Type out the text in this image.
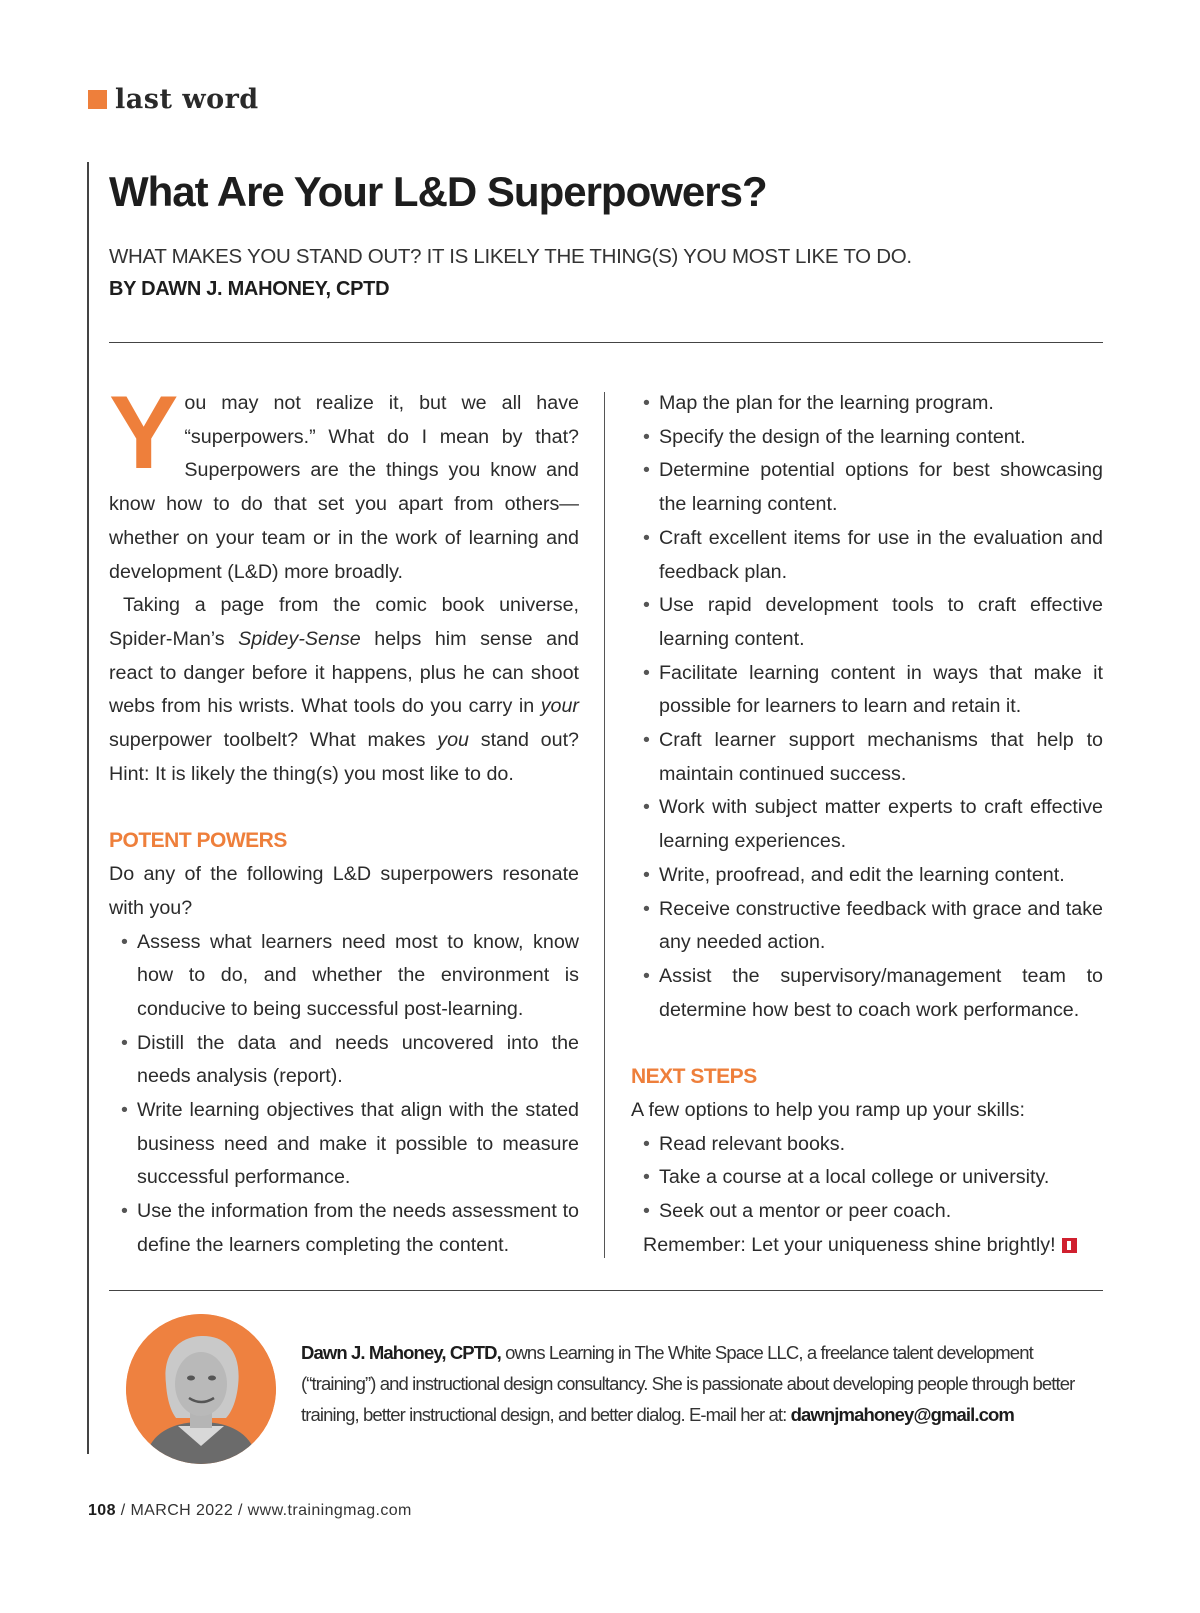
last word
What Are Your L&D Superpowers?
WHAT MAKES YOU STAND OUT? IT IS LIKELY THE THING(S) YOU MOST LIKE TO DO.
BY DAWN J. MAHONEY, CPTD

You may not realize it, but we all have “superpowers.” What do I mean by that? Superpowers are the things you know and know how to do that set you apart from others—whether on your team or in the work of learning and development (L&D) more broadly.

Taking a page from the comic book universe, Spider-Man’s Spidey-Sense helps him sense and react to danger before it happens, plus he can shoot webs from his wrists. What tools do you carry in your superpower toolbelt? What makes you stand out? Hint: It is likely the thing(s) you most like to do.

POTENT POWERS

Do any of the following L&D superpowers resonate with you?

• Assess what learners need most to know, know how to do, and whether the environment is conducive to being successful post-learning.
• Distill the data and needs uncovered into the needs analysis (report).
• Write learning objectives that align with the stated business need and make it possible to measure successful performance.
• Use the information from the needs assessment to define the learners completing the content.
• Map the plan for the learning program.
• Specify the design of the learning content.
• Determine potential options for best showcasing the learning content.
• Craft excellent items for use in the evaluation and feedback plan.
• Use rapid development tools to craft effective learning content.
• Facilitate learning content in ways that make it possible for learners to learn and retain it.
• Craft learner support mechanisms that help to maintain continued success.
• Work with subject matter experts to craft effective learning experiences.
• Write, proofread, and edit the learning content.
• Receive constructive feedback with grace and take any needed action.
• Assist the supervisory/management team to determine how best to coach work performance.
NEXT STEPS

A few options to help you ramp up your skills:

• Read relevant books.
• Take a course at a local college or university.
• Seek out a mentor or peer coach.

Remember: Let your uniqueness shine brightly!

Dawn J. Mahoney, CPTD, owns Learning in The White Space LLC, a freelance talent development (“training”) and instructional design consultancy. She is passionate about developing people through better training, better instructional design, and better dialog. E-mail her at: dawnjmahoney@gmail.com
108 / MARCH 2022 / www.trainingmag.com
